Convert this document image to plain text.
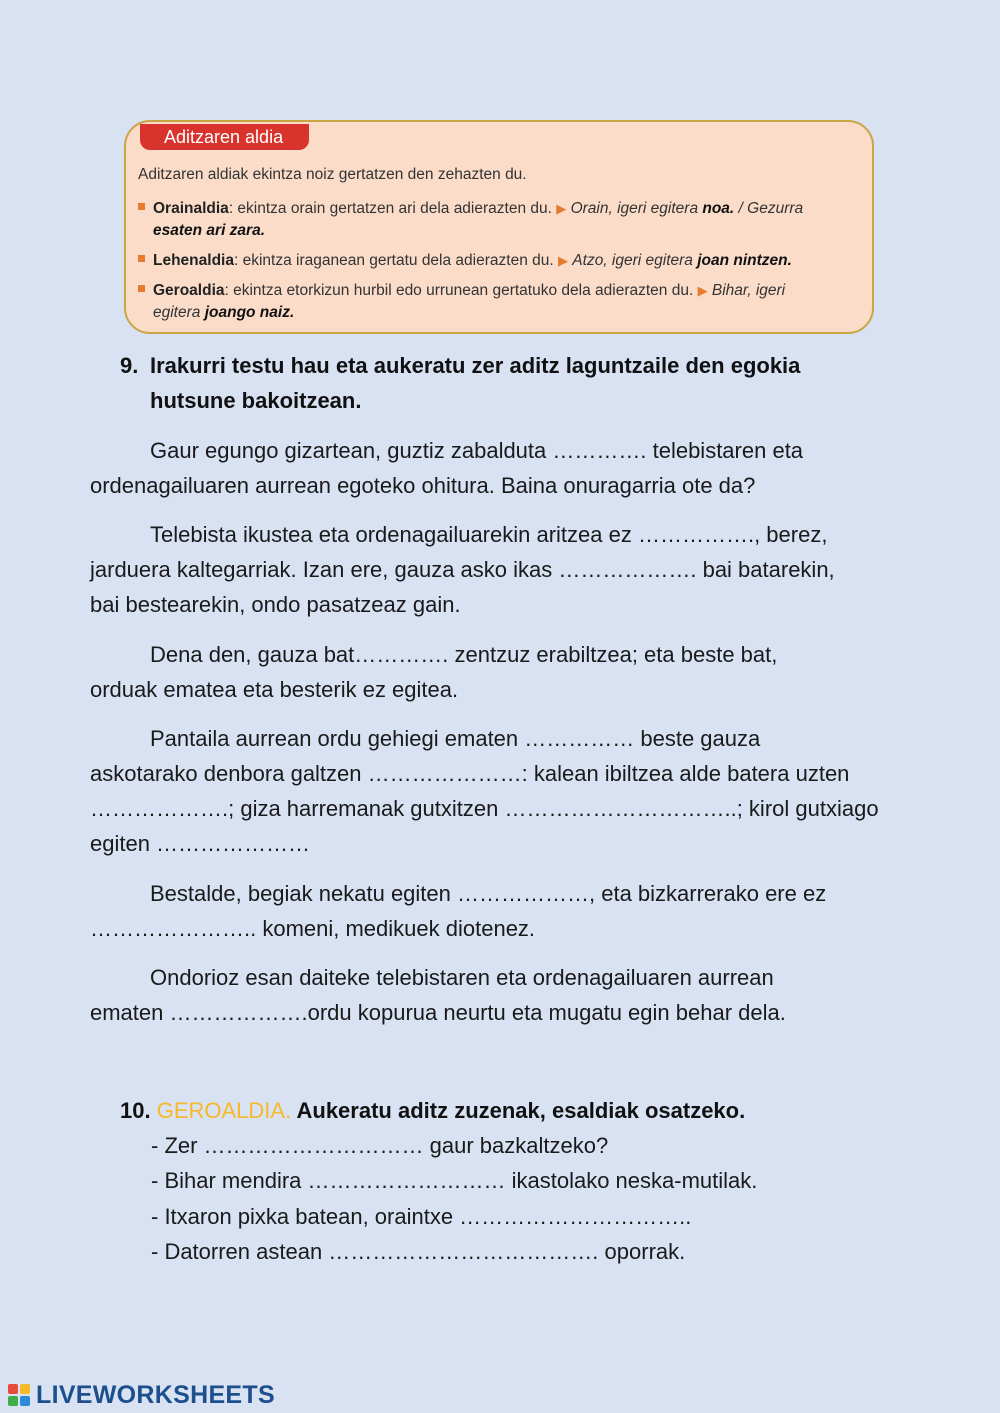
Aditzaren aldia
Aditzaren aldiak ekintza noiz gertatzen den zehazten du.
Orainaldia: ekintza orain gertatzen ari dela adierazten du. ▶ Orain, igeri egitera noa. / Gezurra
esaten ari zara.
Lehenaldia: ekintza iraganean gertatu dela adierazten du. ▶ Atzo, igeri egitera joan nintzen.
Geroaldia: ekintza etorkizun hurbil edo urrunean gertatuko dela adierazten du. ▶ Bihar, igeri
egitera joango naiz.
9. Irakurri testu hau eta aukeratu zer aditz laguntzaile den egokia
hutsune bakoitzean.
Gaur egungo gizartean, guztiz zabalduta …………. telebistaren eta
ordenagailuaren aurrean egoteko ohitura. Baina onuragarria ote da?
Telebista ikustea eta ordenagailuarekin aritzea ez ……………., berez,
jarduera kaltegarriak. Izan ere, gauza asko ikas ………………. bai batarekin,
bai bestearekin, ondo pasatzeaz gain.
Dena den, gauza bat…………. zentzuz erabiltzea; eta beste bat,
orduak ematea eta besterik ez egitea.
Pantaila aurrean ordu gehiegi ematen …………… beste gauza
askotarako denbora galtzen …………………: kalean ibiltzea alde batera uzten
……………….; giza harremanak gutxitzen …………………………..; kirol gutxiago
egiten …………………
Bestalde, begiak nekatu egiten ………………, eta bizkarrerako ere ez
………………….. komeni, medikuek diotenez.
Ondorioz esan daiteke telebistaren eta ordenagailuaren aurrean
ematen ……………….ordu kopurua neurtu eta mugatu egin behar dela.
10. GEROALDIA. Aukeratu aditz zuzenak, esaldiak osatzeko.
- Zer ………………………… gaur bazkaltzeko?
- Bihar mendira ……………………… ikastolako neska-mutilak.
- Itxaron pixka batean, oraintxe …………………………..
- Datorren astean ………………………………. oporrak.
LIVEWORKSHEETS
